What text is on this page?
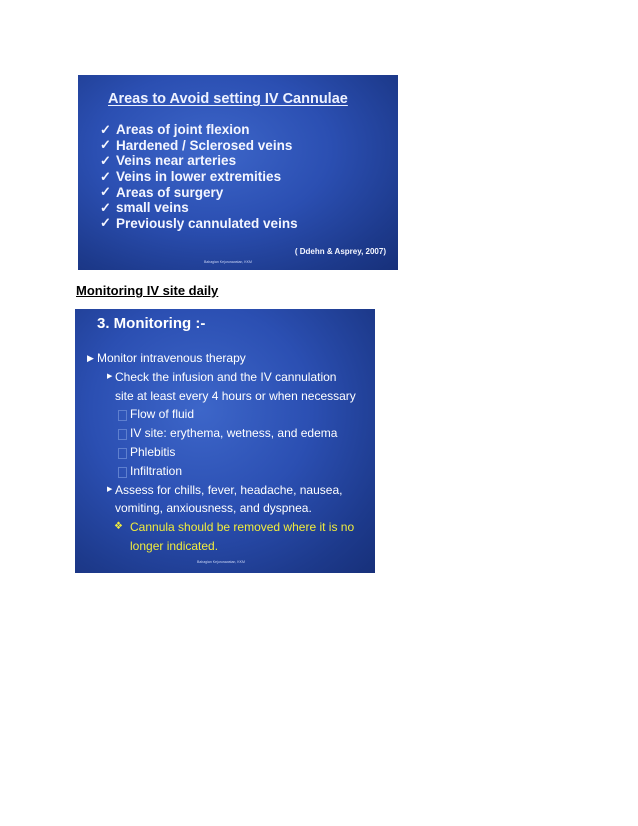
Areas to Avoid setting IV Cannulae
✓ Areas of joint flexion
✓ Hardened / Sclerosed veins
✓ Veins near arteries
✓ Veins in lower extremities
✓ Areas of surgery
✓ small veins
✓ Previously cannulated veins
( Ddehn & Asprey, 2007)
Bahagian Kejururawatan, KKM

Monitoring IV site daily

3. Monitoring :-
▶ Monitor intravenous therapy
▶ Check the infusion and the IV cannulation
site at least every 4 hours or when necessary
Flow of fluid
IV site: erythema, wetness, and edema
Phlebitis
Infiltration
▶ Assess for chills, fever, headache, nausea,
vomiting, anxiousness, and dyspnea.
❖ Cannula should be removed where it is no
longer indicated.
Bahagian Kejururawatan, KKM
